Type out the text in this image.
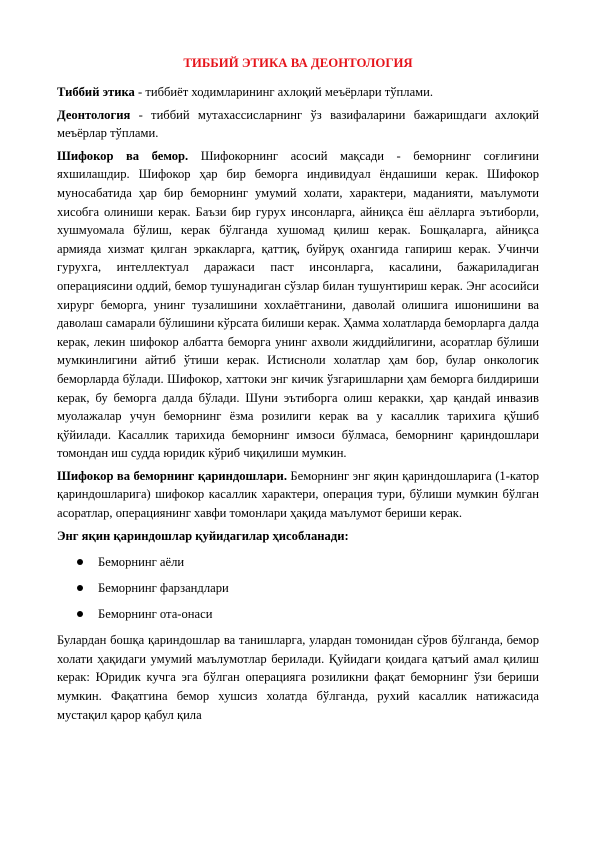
ТИББИЙ ЭТИКА ВА ДЕОНТОЛОГИЯ

Тиббий этика - тиббиёт ходимларининг ахлоқий меъёрлари тўплами.

Деонтология - тиббий мутахассисларнинг ўз вазифаларини бажаришдаги ахлоқий меъёрлар тўплами.

Шифокор ва бемор. Шифокорнинг асосий мақсади - беморнинг соғлиғини яхшилашдир. Шифокор ҳар бир беморга индивидуал ёндашиши керак. Шифокор муносабатида ҳар бир беморнинг умумий холати, характери, маданияти, маълумоти хисобга олиниши керак. Баъзи бир гурух инсонларга, айниқса ёш аёлларга эътиборли, хушмуомала бўлиш, керак бўлганда хушомад қилиш керак. Бошқаларга, айниқса армияда хизмат қилган эркакларга, қаттиқ, буйруқ охангида гапириш керак. Учинчи гурухга, интеллектуал даражаси паст инсонларга, касалини, бажариладиган операциясини оддий, бемор тушунадиган сўзлар билан тушунтириш керак. Энг асосийси хирург беморга, унинг тузалишини хохлаётганини, даволай олишига ишонишини ва даволаш самарали бўлишини кўрсата билиши керак. Ҳамма холатларда беморларга далда керак, лекин шифокор албатта беморга унинг ахволи жиддийлигини, асоратлар бўлиши мумкинлигини айтиб ўтиши керак. Истисноли холатлар ҳам бор, булар онкологик беморларда бўлади. Шифокор, хаттоки энг кичик ўзгаришларни ҳам беморга билдириши керак, бу беморга далда бўлади. Шуни эътиборга олиш керакки, ҳар қандай инвазив муолажалар учун беморнинг ёзма розилиги керак ва у касаллик тарихига қўшиб қўйилади. Касаллик тарихида беморнинг имзоси бўлмаса, беморнинг қариндошлари томондан иш судда юридик кўриб чиқилиши мумкин.

Шифокор ва беморнинг қариндошлари. Беморнинг энг яқин қариндошларига (1-катор қариндошларига) шифокор касаллик характери, операция тури, бўлиши мумкин бўлган асоратлар, операциянинг хавфи томонлари ҳақида маълумот бериши керак.

Энг яқин қариндошлар қуйидагилар ҳисобланади:

Беморнинг аёли
Беморнинг фарзандлари
Беморнинг ота-онаси

Булардан бошқа қариндошлар ва танишларга, улардан томонидан сўров бўлганда, бемор холати ҳақидаги умумий маълумотлар берилади. Қуйидаги қоидага қатъий амал қилиш керак: Юридик кучга эга бўлган операцияга розиликни фақат беморнинг ўзи бериши мумкин. Фақатгина бемор хушсиз холатда бўлганда, рухий касаллик натижасида мустақил қарор қабул қила
